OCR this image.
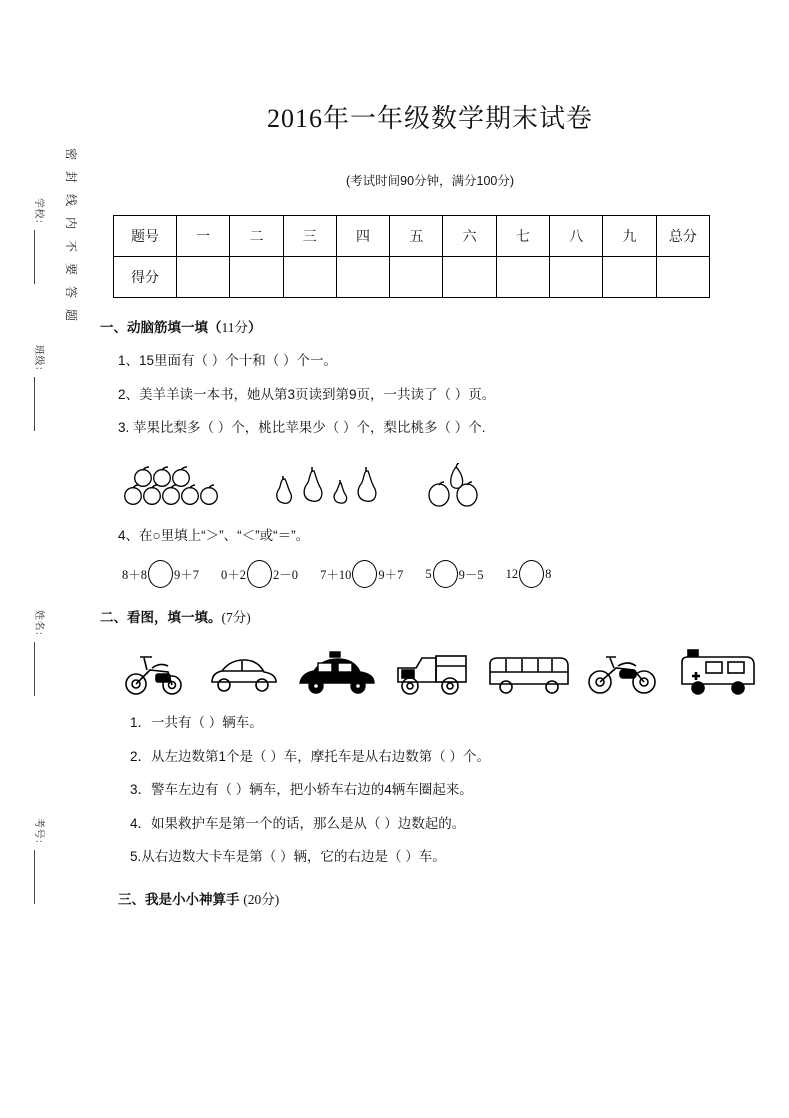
学校：
班级：
姓名：
考号：
密封线内不要答题
2016年一年级数学期末试卷
(考试时间90分钟，满分100分)
题号	一	二	三	四	五	六	七	八	九	总分
得分										
一、动脑筋填一填（11分）
1、15里面有（ ）个十和（ ）个一。
2、美羊羊读一本书，她从第3页读到第9页，一共读了（ ）页。
3. 苹果比梨多（ ）个，桃比苹果少（ ）个，梨比桃多（ ）个.
4、在○里填上“＞”、“＜”或“＝”。
8＋8 9＋7 0＋2 2－0 7＋10 9＋7 5 9－5 12 8
二、看图，填一填。(7分)
1．一共有（ ）辆车。
2．从左边数第1个是（ ）车，摩托车是从右边数第（ ）个。
3．警车左边有（ ）辆车，把小轿车右边的4辆车圈起来。
4．如果救护车是第一个的话，那么是从（ ）边数起的。
5.从右边数大卡车是第（ ）辆，它的右边是（ ）车。
三、我是小小神算手 (20分)
